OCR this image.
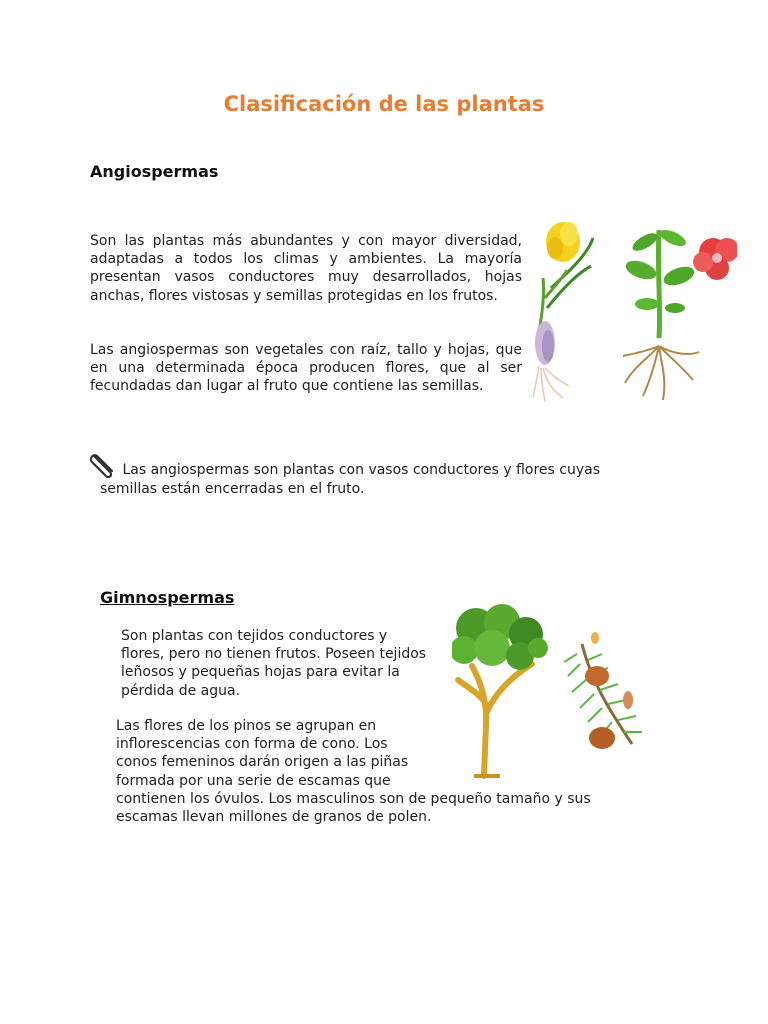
Clasificación de las plantas
Angiospermas
Son las plantas más abundantes y con mayor diversidad, adaptadas a todos los climas y ambientes. La mayoría presentan vasos conductores muy desarrollados, hojas anchas, flores vistosas y semillas protegidas en los frutos.
Las angiospermas son vegetales con raíz, tallo y hojas, que en una determinada época producen flores, que al ser fecundadas dan lugar al fruto que contiene las semillas.
Las angiospermas son plantas con vasos conductores y flores cuyas
semillas están encerradas en el fruto.
Gimnospermas
Son plantas con tejidos conductores y flores, pero no tienen frutos. Poseen tejidos leñosos y pequeñas hojas para evitar la pérdida de agua.
Las flores de los pinos se agrupan en
inflorescencias con forma de cono. Los
conos femeninos darán origen a las piñas
formada por una serie de escamas que
contienen los óvulos. Los masculinos son de pequeño tamaño y sus
escamas llevan millones de granos de polen.
